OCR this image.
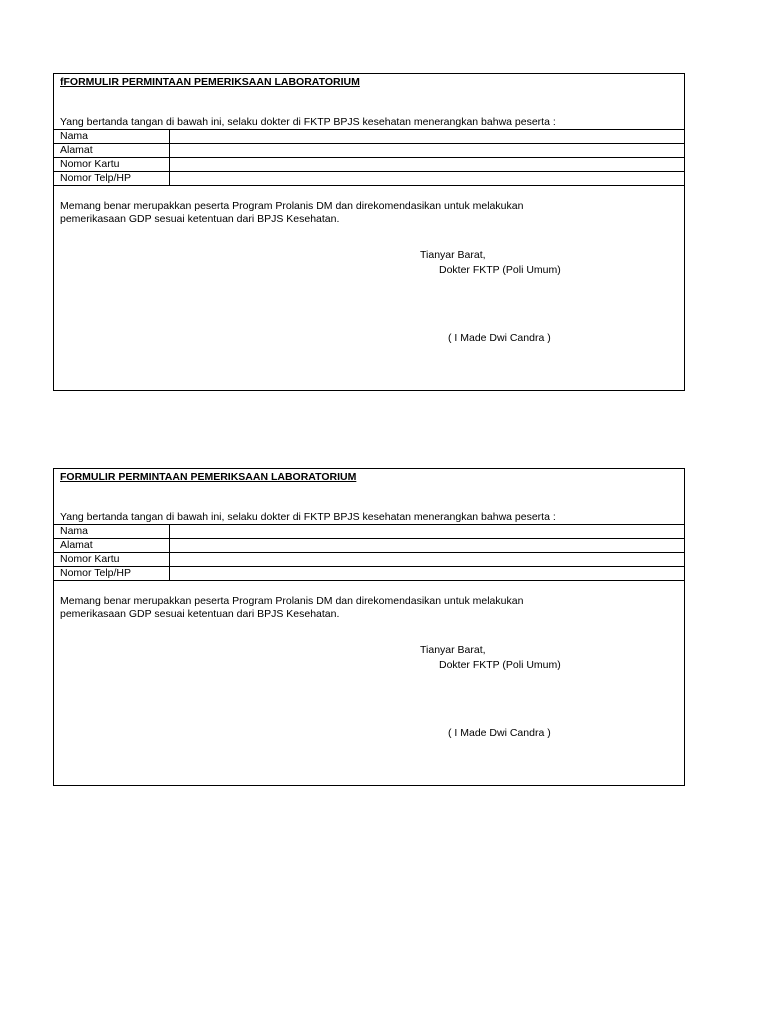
fFORMULIR PERMINTAAN PEMERIKSAAN LABORATORIUM
Yang bertanda tangan di bawah ini, selaku dokter di FKTP BPJS kesehatan menerangkan bahwa peserta :
Nama	
Alamat	
Nomor Kartu	
Nomor Telp/HP	
Memang benar merupakkan peserta Program Prolanis DM dan direkomendasikan untuk melakukan
pemerikasaan GDP sesuai ketentuan dari BPJS Kesehatan.
Tianyar Barat,
Dokter FKTP (Poli Umum)
( I Made Dwi Candra )
FORMULIR PERMINTAAN PEMERIKSAAN LABORATORIUM
Yang bertanda tangan di bawah ini, selaku dokter di FKTP BPJS kesehatan menerangkan bahwa peserta :
Nama	
Alamat	
Nomor Kartu	
Nomor Telp/HP	
Memang benar merupakkan peserta Program Prolanis DM dan direkomendasikan untuk melakukan
pemerikasaan GDP sesuai ketentuan dari BPJS Kesehatan.
Tianyar Barat,
Dokter FKTP (Poli Umum)
( I Made Dwi Candra )
